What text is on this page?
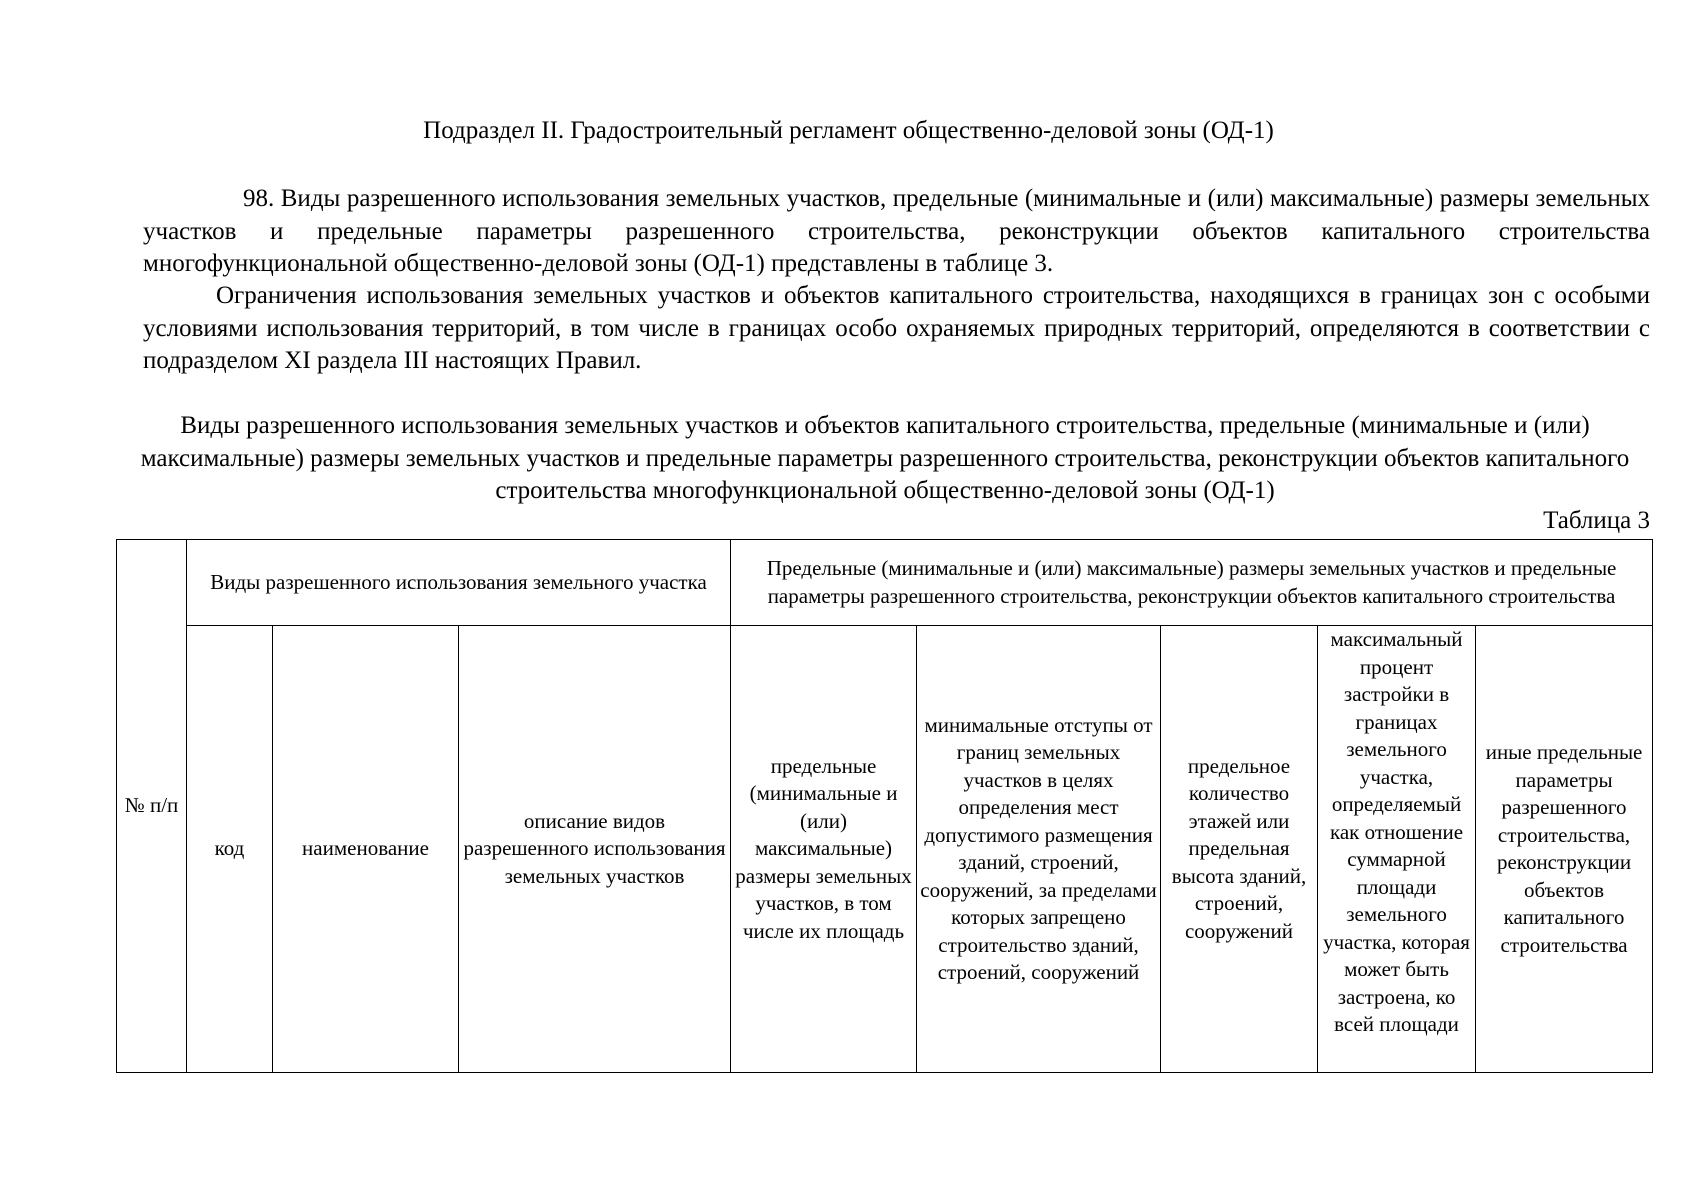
Подраздел II. Градостроительный регламент общественно-деловой зоны (ОД-1)
98. Виды разрешенного использования земельных участков, предельные (минимальные и (или) максимальные) размеры земельных участков и предельные параметры разрешенного строительства, реконструкции объектов капитального строительства многофункциональной общественно-деловой зоны (ОД-1) представлены в таблице 3.
Ограничения использования земельных участков и объектов капитального строительства, находящихся в границах зон с особыми условиями использования территорий, в том числе в границах особо охраняемых природных территорий, определяются в соответствии с подразделом XI раздела III настоящих Правил.
Виды разрешенного использования земельных участков и объектов капитального строительства, предельные (минимальные и (или) максимальные) размеры земельных участков и предельные параметры разрешенного строительства, реконструкции объектов капитального строительства многофункциональной общественно-деловой зоны (ОД-1)
Таблица 3
№ п/п	Виды разрешенного использования земельного участка			Предельные (минимальные и (или) максимальные) размеры земельных участков и предельные параметры разрешенного строительства, реконструкции объектов капитального строительства				
	код	наименование	описание видов разрешенного использования земельных участков	предельные (минимальные и (или) максимальные) размеры земельных участков, в том числе их площадь	минимальные отступы от границ земельных участков в целях определения мест допустимого размещения зданий, строений, сооружений, за пределами которых запрещено строительство зданий, строений, сооружений	предельное количество этажей или предельная высота зданий, строений, сооружений	максимальный процент застройки в границах земельного участка, определяемый как отношение суммарной площади земельного участка, которая может быть застроена, ко всей площади	иные предельные параметры разрешенного строительства, реконструкции объектов капитального строительства
